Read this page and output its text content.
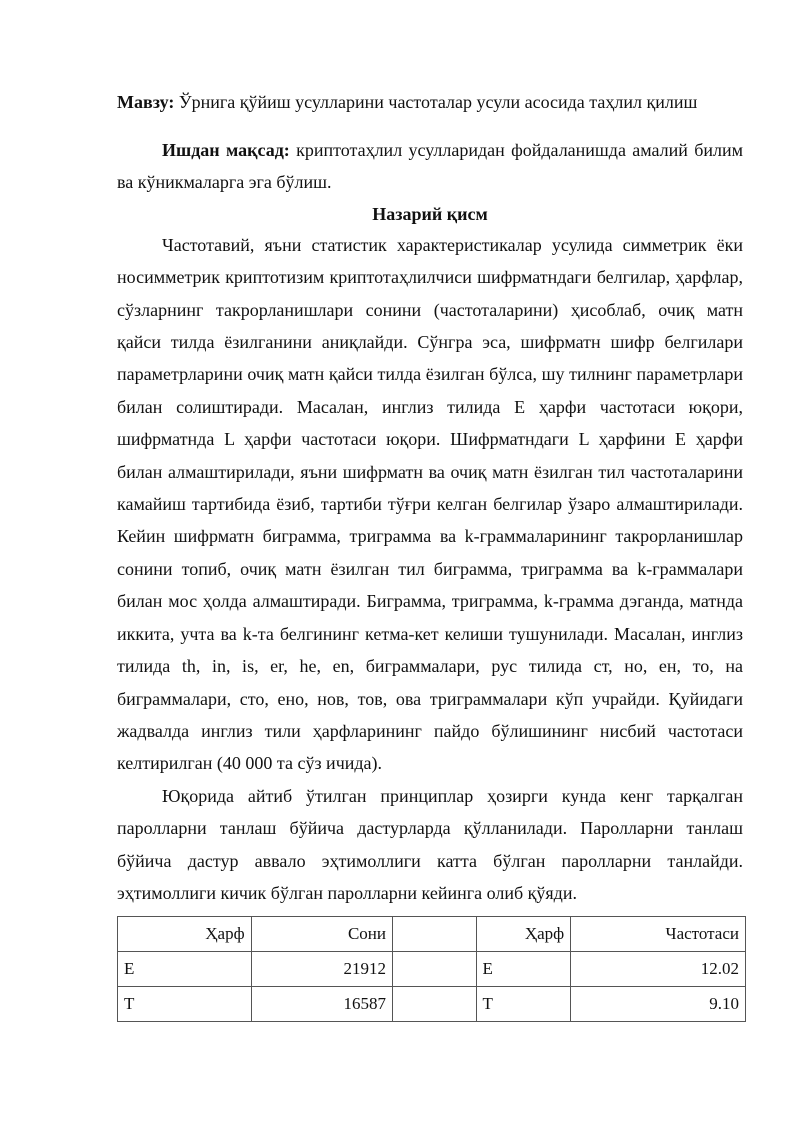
Мавзу: Ўрнига қўйиш усулларини частоталар усули асосида таҳлил қилиш

Ишдан мақсад: криптотаҳлил усулларидан фойдаланишда амалий билим ва кўникмаларга эга бўлиш.

Назарий қисм

Частотавий, яъни статистик характеристикалар усулида симметрик ёки носимметрик криптотизим криптотаҳлилчиси шифрматндаги белгилар, ҳарфлар, сўзларнинг такрорланишлари сонини (частоталарини) ҳисоблаб, очиқ матн қайси тилда ёзилганини аниқлайди. Сўнгра эса, шифрматн шифр белгилари параметрларини очиқ матн қайси тилда ёзилган бўлса, шу тилнинг параметрлари билан солиштиради. Масалан, инглиз тилида E ҳарфи частотаси юқори, шифрматнда L ҳарфи частотаси юқори. Шифрматндаги L ҳарфини E ҳарфи билан алмаштирилади, яъни шифрматн ва очиқ матн ёзилган тил частоталарини камайиш тартибида ёзиб, тартиби тўғри келган белгилар ўзаро алмаштирилади. Кейин шифрматн биграмма, триграмма ва k-граммаларининг такрорланишлар сонини топиб, очиқ матн ёзилган тил биграмма, триграмма ва k-граммалари билан мос ҳолда алмаштиради. Биграмма, триграмма, k-грамма дэганда, матнда иккита, учта ва k-та белгининг кетма-кет келиши тушунилади. Масалан, инглиз тилида th, in, is, er, he, en, биграммалари, рус тилида ст, но, ен, то, на биграммалари, сто, ено, нов, тов, ова триграммалари кўп учрайди. Қуйидаги жадвалда инглиз тили ҳарфларининг пайдо бўлишининг нисбий частотаси келтирилган (40 000 та сўз ичида).

Юқорида айтиб ўтилган принциплар ҳозирги кунда кенг тарқалган паролларни танлаш бўйича дастурларда қўлланилади. Паролларни танлаш бўйича дастур аввало эҳтимоллиги катта бўлган паролларни танлайди. эҳтимоллиги кичик бўлган паролларни кейинга олиб қўяди.

Ҳарф	Сони		Ҳарф	Частотаси
E	21912		E	12.02
T	16587		T	9.10
